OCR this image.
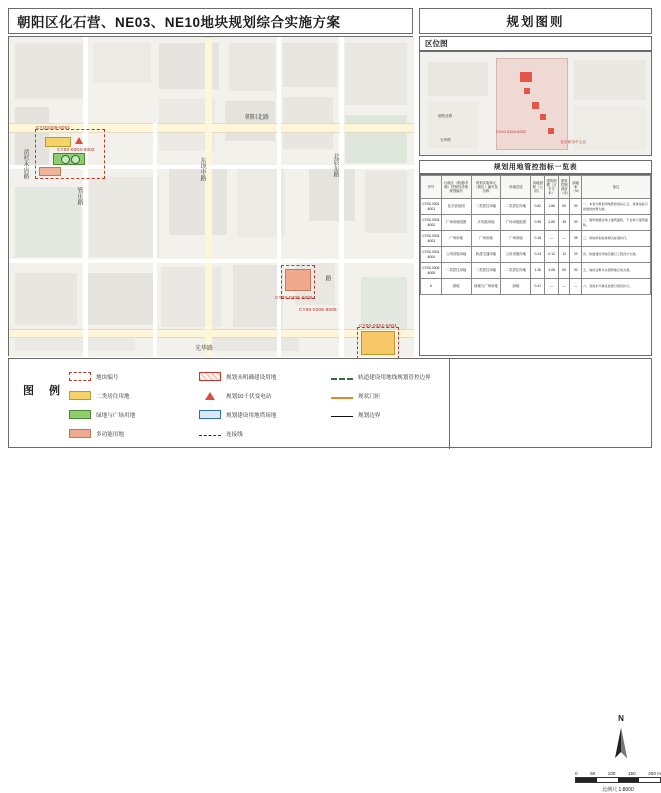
朝阳区化石营、NE03、NE10地块规划综合实施方案	规划图则
朝阳北路
东坝中路
管庄路
光华路
北辰东路
黄杉木店路
路
CYQ0309-6001
CY00-0304-6002
CY00-0306-6006
CY00-0306-6005
CY00-0304-6004
区位图
CY00-0304-6002
北京商务中心区
朝阳北路
光华路
规划用地管控指标一览表
序号	行政区（街道/乡镇）控制性详细规划编号	规划实施单元（街区）编号及名称	用地性质	用地面积（公顷）	建筑规模（万平方米）	建筑控制高度（米）	绿地率（%）	备注
CY00-0304-6001	化石营组团	二类居住用地	二类居住用地	0.62	1.86	60	30	一、本表为规划用地管控指标汇总，具体指标以批准的控规为准。
CY00-0304-6002	广场用地组团	多功能用地	广场用地组团	0.95	2.85	45	30	二、建筑规模含地上建筑面积，不含地下建筑面积。
CY00-0304-6003	广场用地	广场用地	广场用地	0.18	—	—	35	三、绿地率指标按相关标准执行。
CY00-0304-6004	公用设施用地	轨道交通用地	公用设施用地	0.24	0.12	12	20	四、轨道建设用地范围以工程设计为准。
CY00-0306-6005	二类居住用地	二类居住用地	二类居住用地	1.36	4.08	60	30	五、地块边界以实测用地红线为准。
6	绿地	绿地与广场用地	绿地	0.41	—	—	—	六、其他未尽事宜按现行规范执行。
图 例
地块编号
二类居住用地
绿地与广场用地
多功能用地
规划未明确建设用地
规划10千伏变电站
规划建设用地塔场地
连接线
轨道建设用地线规划管控边界
现状门匝
规划边界
N
0	50	100	150	200 m
比例尺 1:8000
